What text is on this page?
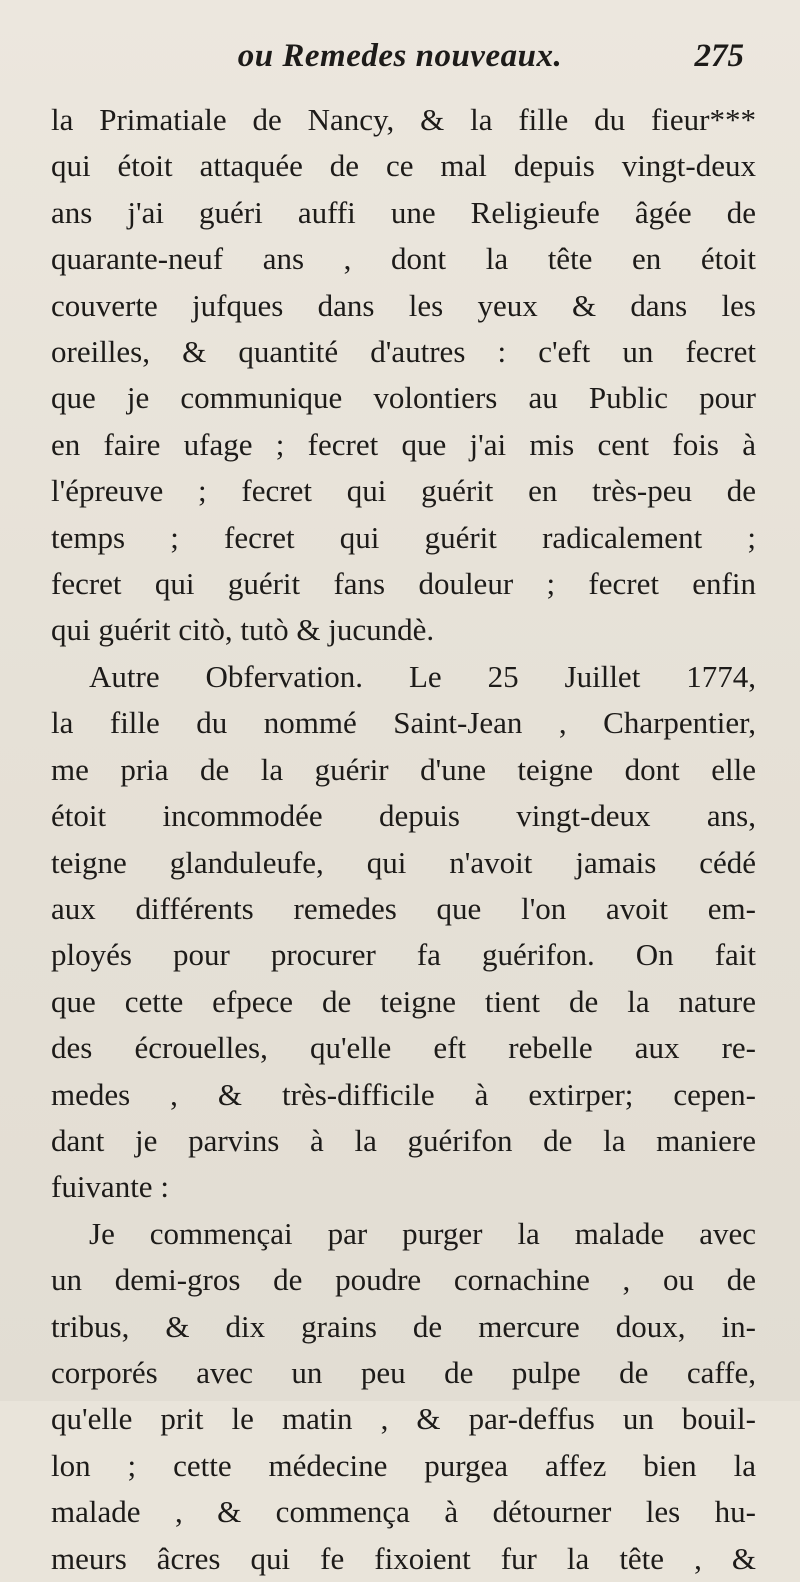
ou Remedes nouveaux.	275
la Primatiale de Nancy, & la fille du fieur***
qui étoit attaquée de ce mal depuis vingt-deux
ans j'ai guéri auffi une Religieufe âgée de
quarante-neuf ans , dont la tête en étoit
couverte jufques dans les yeux & dans les
oreilles, & quantité d'autres : c'eft un fecret
que je communique volontiers au Public pour
en faire ufage ; fecret que j'ai mis cent fois à
l'épreuve ; fecret qui guérit en très-peu de
temps ; fecret qui guérit radicalement ;
fecret qui guérit fans douleur ; fecret enfin
qui guérit citò, tutò & jucundè.
Autre Obfervation. Le 25 Juillet 1774,
la fille du nommé Saint-Jean , Charpentier,
me pria de la guérir d'une teigne dont elle
étoit incommodée depuis vingt-deux ans,
teigne glanduleufe, qui n'avoit jamais cédé
aux différents remedes que l'on avoit em-
ployés pour procurer fa guérifon. On fait
que cette efpece de teigne tient de la nature
des écrouelles, qu'elle eft rebelle aux re-
medes , & très-difficile à extirper; cepen-
dant je parvins à la guérifon de la maniere
fuivante :
Je commençai par purger la malade avec
un demi-gros de poudre cornachine , ou de
tribus, & dix grains de mercure doux, in-
corporés avec un peu de pulpe de caffe,
qu'elle prit le matin , & par-deffus un bouil-
lon ; cette médecine purgea affez bien la
malade , & commença à détourner les hu-
meurs âcres qui fe fixoient fur la tête , &
